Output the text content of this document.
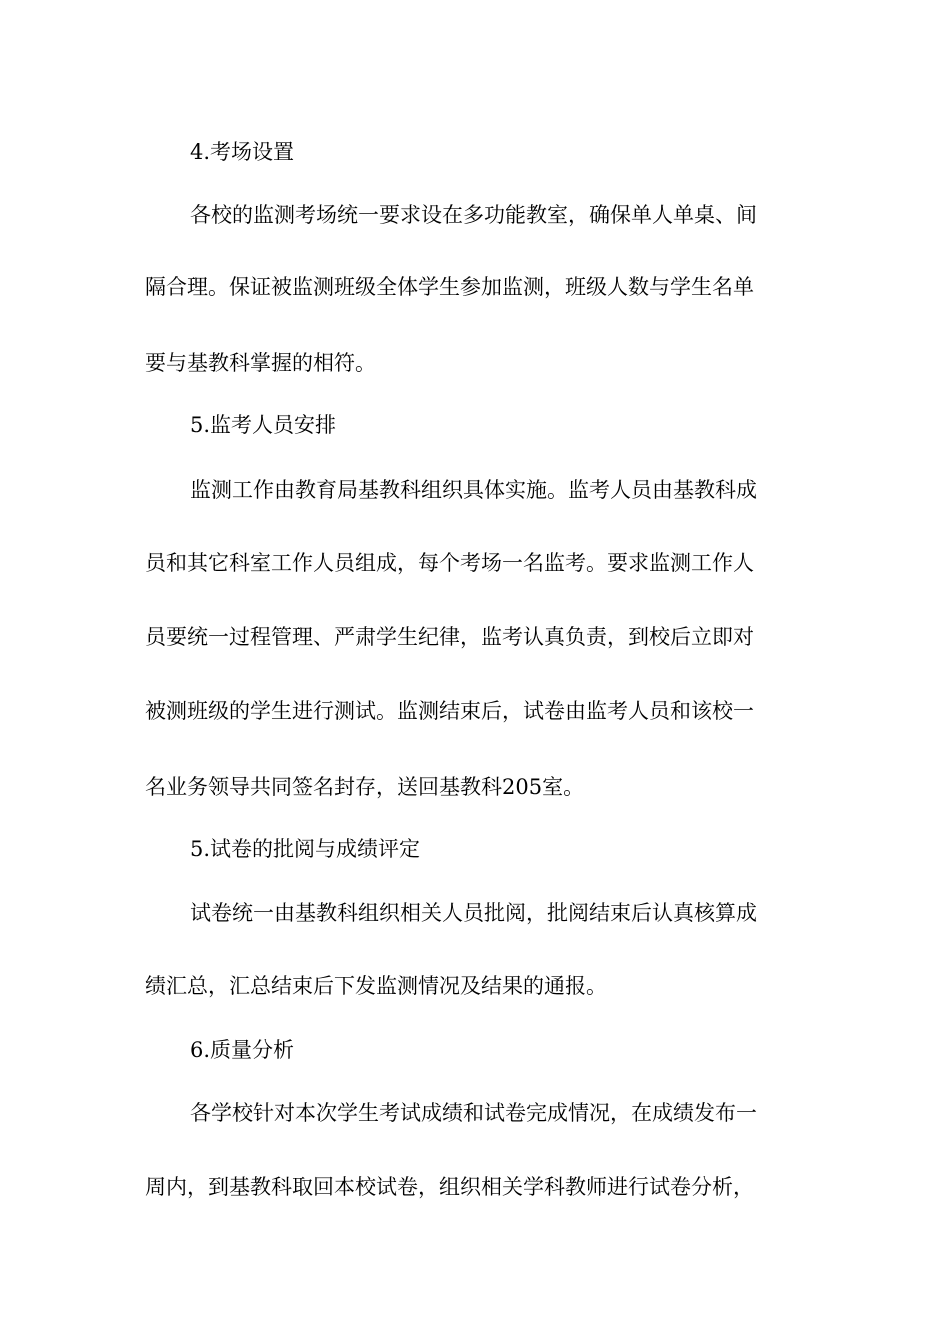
4.考场设置
各校的监测考场统一要求设在多功能教室，确保单人单桌、间
隔合理。保证被监测班级全体学生参加监测，班级人数与学生名单
要与基教科掌握的相符。
5.监考人员安排
监测工作由教育局基教科组织具体实施。监考人员由基教科成
员和其它科室工作人员组成，每个考场一名监考。要求监测工作人
员要统一过程管理、严肃学生纪律，监考认真负责，到校后立即对
被测班级的学生进行测试。监测结束后，试卷由监考人员和该校一
名业务领导共同签名封存，送回基教科205室。
5.试卷的批阅与成绩评定
试卷统一由基教科组织相关人员批阅，批阅结束后认真核算成
绩汇总，汇总结束后下发监测情况及结果的通报。
6.质量分析
各学校针对本次学生考试成绩和试卷完成情况，在成绩发布一
周内，到基教科取回本校试卷，组织相关学科教师进行试卷分析，
